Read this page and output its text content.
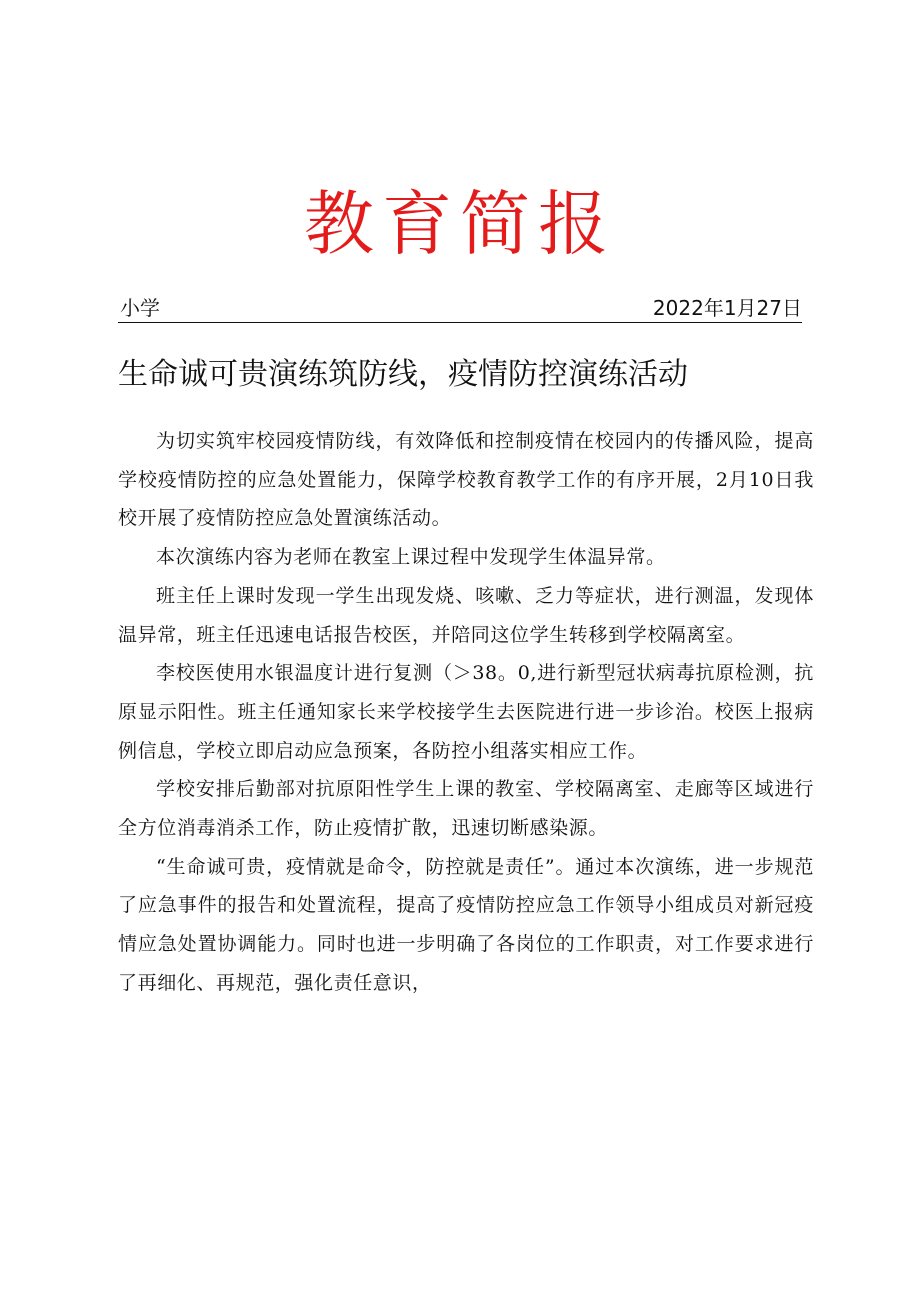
教育简报
小学	2022年1月27日
生命诚可贵演练筑防线，疫情防控演练活动

为切实筑牢校园疫情防线，有效降低和控制疫情在校园内的传播风险，提高学校疫情防控的应急处置能力，保障学校教育教学工作的有序开展，2月10日我校开展了疫情防控应急处置演练活动。

本次演练内容为老师在教室上课过程中发现学生体温异常。

班主任上课时发现一学生出现发烧、咳嗽、乏力等症状，进行测温，发现体温异常，班主任迅速电话报告校医，并陪同这位学生转移到学校隔离室。

李校医使用水银温度计进行复测（＞38。0,进行新型冠状病毒抗原检测，抗原显示阳性。班主任通知家长来学校接学生去医院进行进一步诊治。校医上报病例信息，学校立即启动应急预案，各防控小组落实相应工作。

学校安排后勤部对抗原阳性学生上课的教室、学校隔离室、走廊等区域进行全方位消毒消杀工作，防止疫情扩散，迅速切断感染源。

“生命诚可贵，疫情就是命令，防控就是责任”。通过本次演练，进一步规范了应急事件的报告和处置流程，提高了疫情防控应急工作领导小组成员对新冠疫情应急处置协调能力。同时也进一步明确了各岗位的工作职责，对工作要求进行了再细化、再规范，强化责任意识，
